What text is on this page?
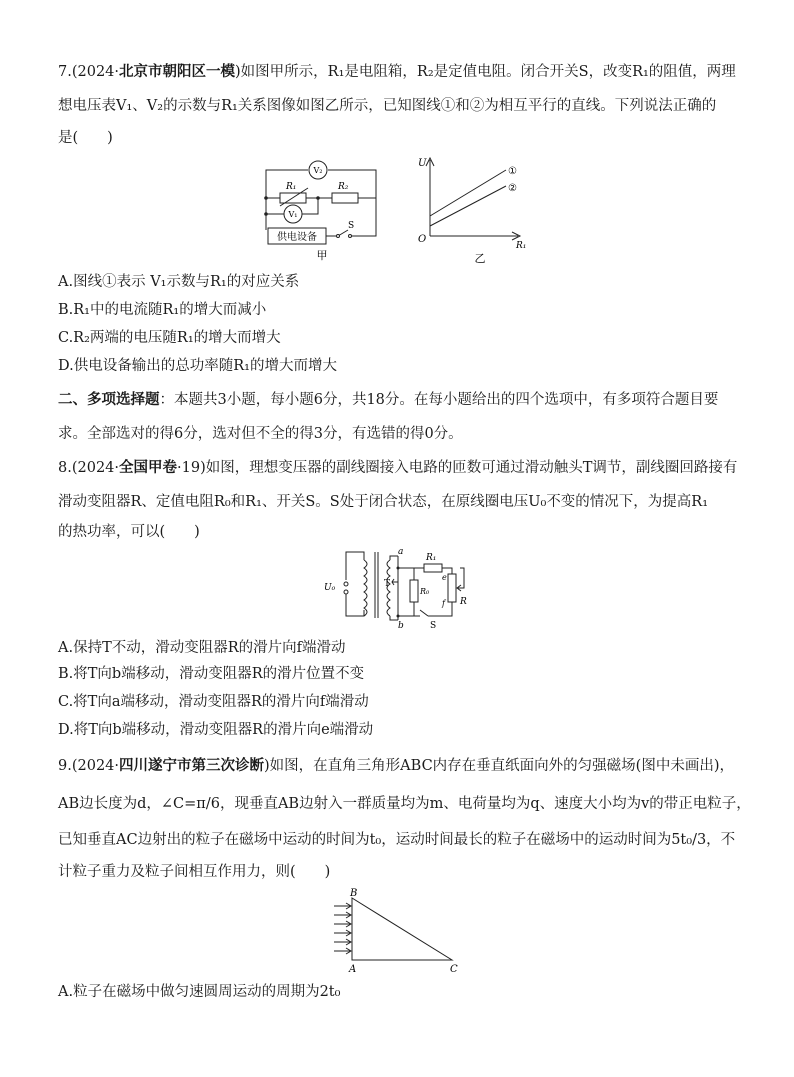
7.(2024·北京市朝阳区一模)如图甲所示，R₁是电阻箱，R₂是定值电阻。闭合开关S，改变R₁的阻值，两理
想电压表V₁、V₂的示数与R₁关系图像如图乙所示，已知图线①和②为相互平行的直线。下列说法正确的
是(　　)
V₂
V₁
R₁	R₂
供电设备
S
甲
U
O
R₁
①
②
乙
A.图线①表示 V₁示数与R₁的对应关系
B.R₁中的电流随R₁的增大而减小
C.R₂两端的电压随R₁的增大而增大
D.供电设备输出的总功率随R₁的增大而增大
二、多项选择题：本题共3小题，每小题6分，共18分。在每小题给出的四个选项中，有多项符合题目要
求。全部选对的得6分，选对但不全的得3分，有选错的得0分。
8.(2024·全国甲卷·19)如图，理想变压器的副线圈接入电路的匝数可通过滑动触头T调节，副线圈回路接有
滑动变阻器R、定值电阻R₀和R₁、开关S。S处于闭合状态，在原线圈电压U₀不变的情况下，为提高R₁
的热功率，可以(　　)
U₀
a
b
T
R₁
R₀
e
f R
S
A.保持T不动，滑动变阻器R的滑片向f端滑动
B.将T向b端移动，滑动变阻器R的滑片位置不变
C.将T向a端移动，滑动变阻器R的滑片向f端滑动
D.将T向b端移动，滑动变阻器R的滑片向e端滑动
9.(2024·四川遂宁市第三次诊断)如图，在直角三角形ABC内存在垂直纸面向外的匀强磁场(图中未画出)，
AB边长度为d，∠C=π/6，现垂直AB边射入一群质量均为m、电荷量均为q、速度大小均为v的带正电粒子，
已知垂直AC边射出的粒子在磁场中运动的时间为t₀，运动时间最长的粒子在磁场中的运动时间为5t₀/3，不
计粒子重力及粒子间相互作用力，则(　　)
B
A	C
A.粒子在磁场中做匀速圆周运动的周期为2t₀
